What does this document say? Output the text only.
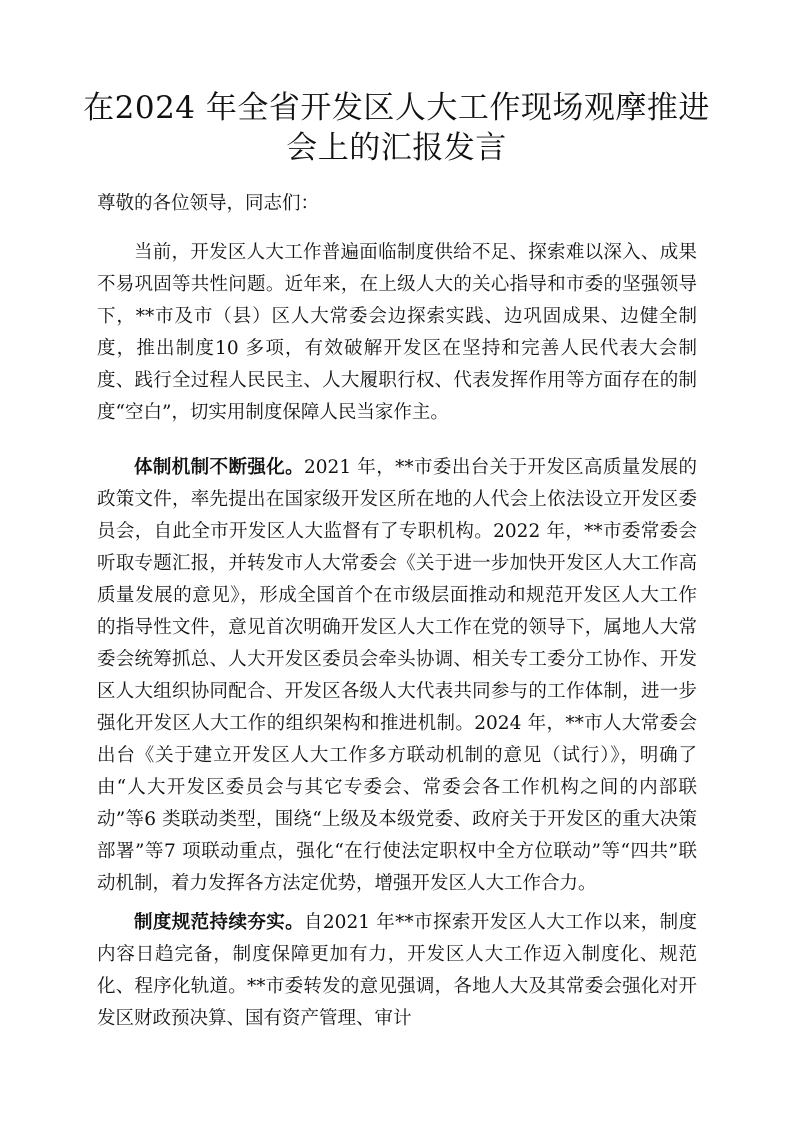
在2024 年全省开发区人大工作现场观摩推进
会上的汇报发言

尊敬的各位领导，同志们：

当前，开发区人大工作普遍面临制度供给不足、探索难以深入、成果不易巩固等共性问题。近年来，在上级人大的关心指导和市委的坚强领导下，**市及市（县）区人大常委会边探索实践、边巩固成果、边健全制度，推出制度10 多项，有效破解开发区在坚持和完善人民代表大会制度、践行全过程人民民主、人大履职行权、代表发挥作用等方面存在的制度“空白”，切实用制度保障人民当家作主。

体制机制不断强化。2021 年，**市委出台关于开发区高质量发展的政策文件，率先提出在国家级开发区所在地的人代会上依法设立开发区委员会，自此全市开发区人大监督有了专职机构。2022 年，**市委常委会听取专题汇报，并转发市人大常委会《关于进一步加快开发区人大工作高质量发展的意见》，形成全国首个在市级层面推动和规范开发区人大工作的指导性文件，意见首次明确开发区人大工作在党的领导下，属地人大常委会统筹抓总、人大开发区委员会牵头协调、相关专工委分工协作、开发区人大组织协同配合、开发区各级人大代表共同参与的工作体制，进一步强化开发区人大工作的组织架构和推进机制。2024 年，**市人大常委会出台《关于建立开发区人大工作多方联动机制的意见（试行）》，明确了由“人大开发区委员会与其它专委会、常委会各工作机构之间的内部联动”等6 类联动类型，围绕“上级及本级党委、政府关于开发区的重大决策部署”等7 项联动重点，强化“在行使法定职权中全方位联动”等“四共”联动机制，着力发挥各方法定优势，增强开发区人大工作合力。

制度规范持续夯实。自2021 年**市探索开发区人大工作以来，制度内容日趋完备，制度保障更加有力，开发区人大工作迈入制度化、规范化、程序化轨道。**市委转发的意见强调，各地人大及其常委会强化对开发区财政预决算、国有资产管理、审计
